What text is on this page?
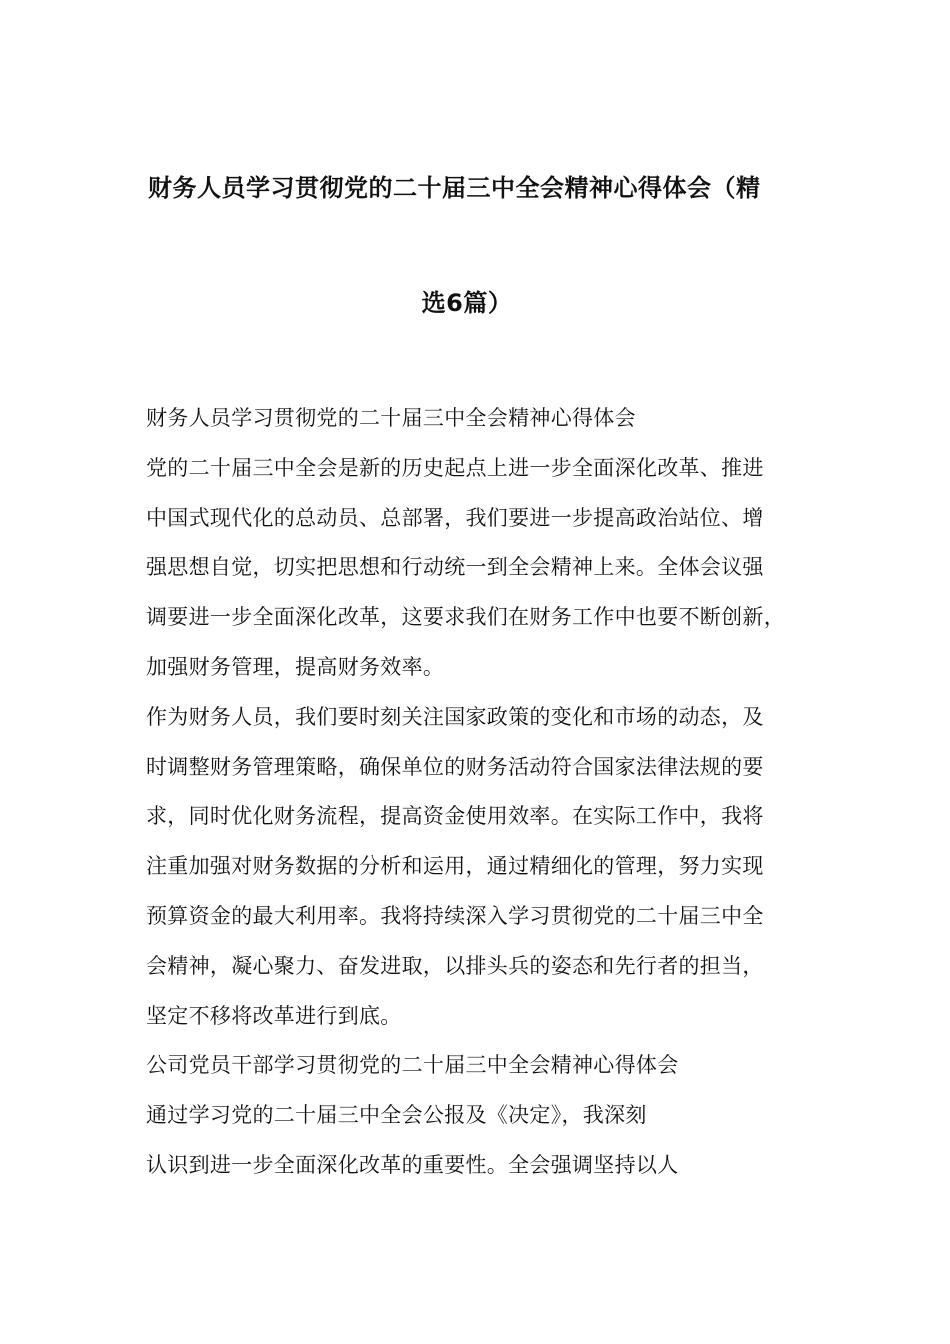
财务人员学习贯彻党的二十届三中全会精神心得体会（精
选6篇）
财务人员学习贯彻党的二十届三中全会精神心得体会
党的二十届三中全会是新的历史起点上进一步全面深化改革、推进
中国式现代化的总动员、总部署，我们要进一步提高政治站位、增
强思想自觉，切实把思想和行动统一到全会精神上来。全体会议强
调要进一步全面深化改革，这要求我们在财务工作中也要不断创新，
加强财务管理，提高财务效率。
作为财务人员，我们要时刻关注国家政策的变化和市场的动态，及
时调整财务管理策略，确保单位的财务活动符合国家法律法规的要
求，同时优化财务流程，提高资金使用效率。在实际工作中，我将
注重加强对财务数据的分析和运用，通过精细化的管理，努力实现
预算资金的最大利用率。我将持续深入学习贯彻党的二十届三中全
会精神，凝心聚力、奋发进取，以排头兵的姿态和先行者的担当，
坚定不移将改革进行到底。
公司党员干部学习贯彻党的二十届三中全会精神心得体会
通过学习党的二十届三中全会公报及《决定》，我深刻
认识到进一步全面深化改革的重要性。全会强调坚持以人
